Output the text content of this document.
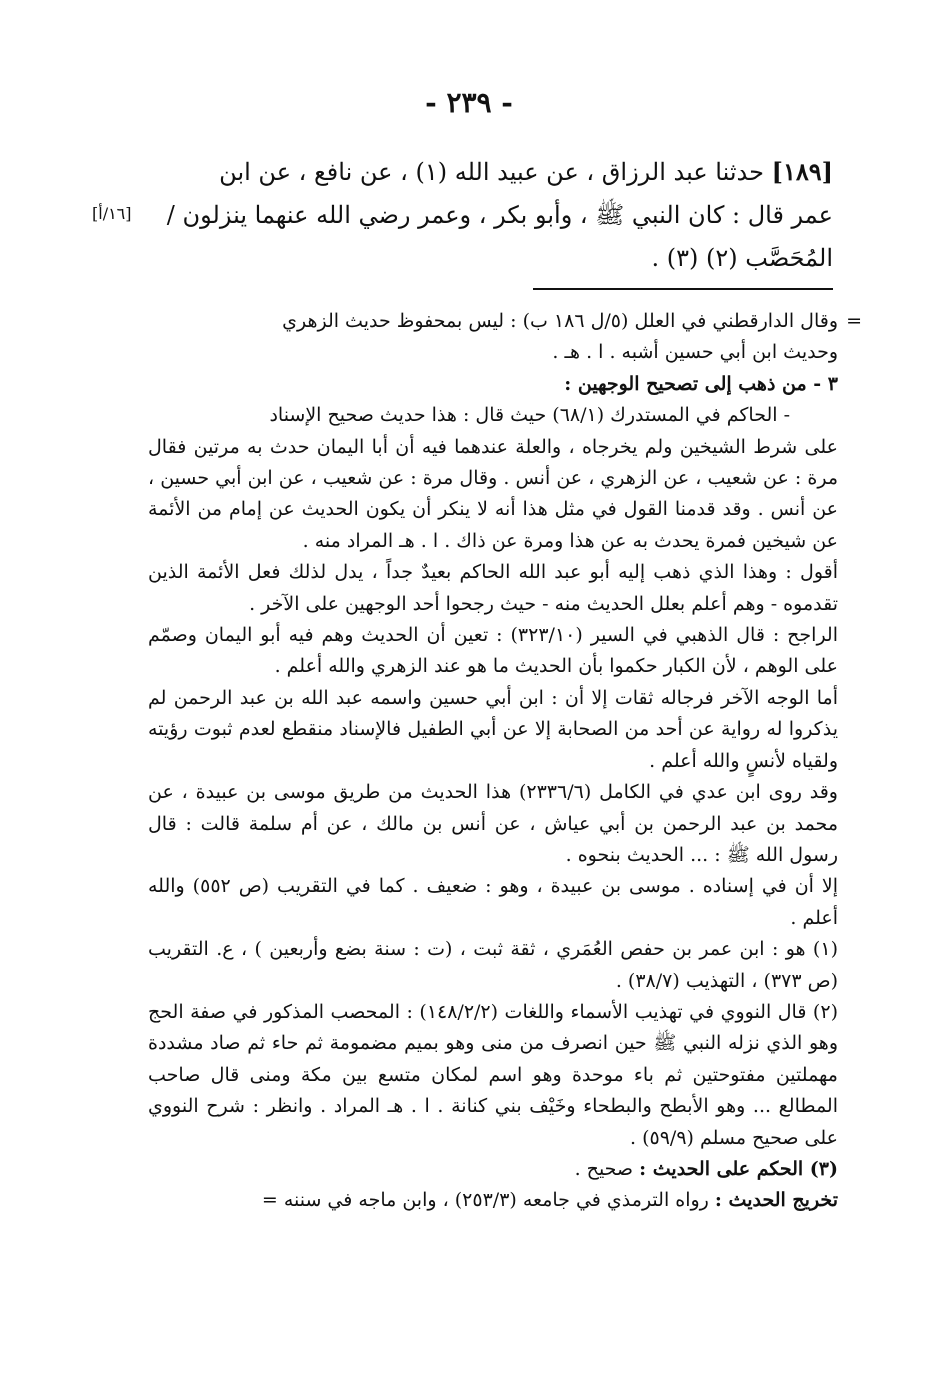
- ٢٣٩ -
[١٨٩] حدثنا عبد الرزاق ، عن عبيد الله (١) ، عن نافع ، عن ابن
عمر قال : كان النبي ﷺ ، وأبو بكر ، وعمر رضي الله عنهما ينزلون /
المُحَصَّب (٢) (٣) .
[١٦/أ]

=
وقال الدارقطني في العلل (٥/ل ١٨٦ ب) : ليس بمحفوظ حديث الزهري

وحديث ابن أبي حسين أشبه . ا . هـ .

٣ - من ذهب إلى تصحيح الوجهين :

- الحاكم في المستدرك (٦٨/١) حيث قال : هذا حديث صحيح الإسناد

على شرط الشيخين ولم يخرجاه ، والعلة عندهما فيه أن أبا اليمان حدث به مرتين فقال مرة : عن شعيب ، عن الزهري ، عن أنس . وقال مرة : عن شعيب ، عن ابن أبي حسين ، عن أنس . وقد قدمنا القول في مثل هذا أنه لا ينكر أن يكون الحديث عن إمام من الأئمة عن شيخين فمرة يحدث به عن هذا ومرة عن ذاك . ا . هـ المراد منه .

أقول : وهذا الذي ذهب إليه أبو عبد الله الحاكم بعيدٌ جداً ، يدل لذلك فعل الأئمة الذين تقدموه - وهم أعلم بعلل الحديث منه - حيث رجحوا أحد الوجهين على الآخر .

الراجح : قال الذهبي في السير (٣٢٣/١٠) : تعين أن الحديث وهم فيه أبو اليمان وصمّم على الوهم ، لأن الكبار حكموا بأن الحديث ما هو عند الزهري والله أعلم .

أما الوجه الآخر فرجاله ثقات إلا أن : ابن أبي حسين واسمه عبد الله بن عبد الرحمن لم يذكروا له رواية عن أحد من الصحابة إلا عن أبي الطفيل فالإسناد منقطع لعدم ثبوت رؤيته ولقياه لأنسٍ والله أعلم .

وقد روى ابن عدي في الكامل (٢٣٣٦/٦) هذا الحديث من طريق موسى بن عبيدة ، عن محمد بن عبد الرحمن بن أبي عياش ، عن أنس بن مالك ، عن أم سلمة قالت : قال رسول الله ﷺ : ... الحديث بنحوه .

إلا أن في إسناده . موسى بن عبيدة ، وهو : ضعيف . كما في التقريب (ص ٥٥٢) والله أعلم .

(١) هو : ابن عمر بن حفص العُمَري ، ثقة ثبت ، (ت : سنة بضع وأربعين ) ، ع. التقريب (ص ٣٧٣) ، التهذيب (٣٨/٧) .

(٢) قال النووي في تهذيب الأسماء واللغات (١٤٨/٢/٢) : المحصب المذكور في صفة الحج وهو الذي نزله النبي ﷺ حين انصرف من منى وهو بميم مضمومة ثم حاء ثم صاد مشددة مهملتين مفتوحتين ثم باء موحدة وهو اسم لمكان متسع بين مكة ومنى قال صاحب المطالع ... وهو الأبطح والبطحاء وخَيْف بني كنانة . ا . هـ المراد . وانظر : شرح النووي على صحيح مسلم (٥٩/٩) .

(٣) الحكم على الحديث : صحيح .

تخريج الحديث : رواه الترمذي في جامعه (٢٥٣/٣) ، وابن ماجه في سننه =
